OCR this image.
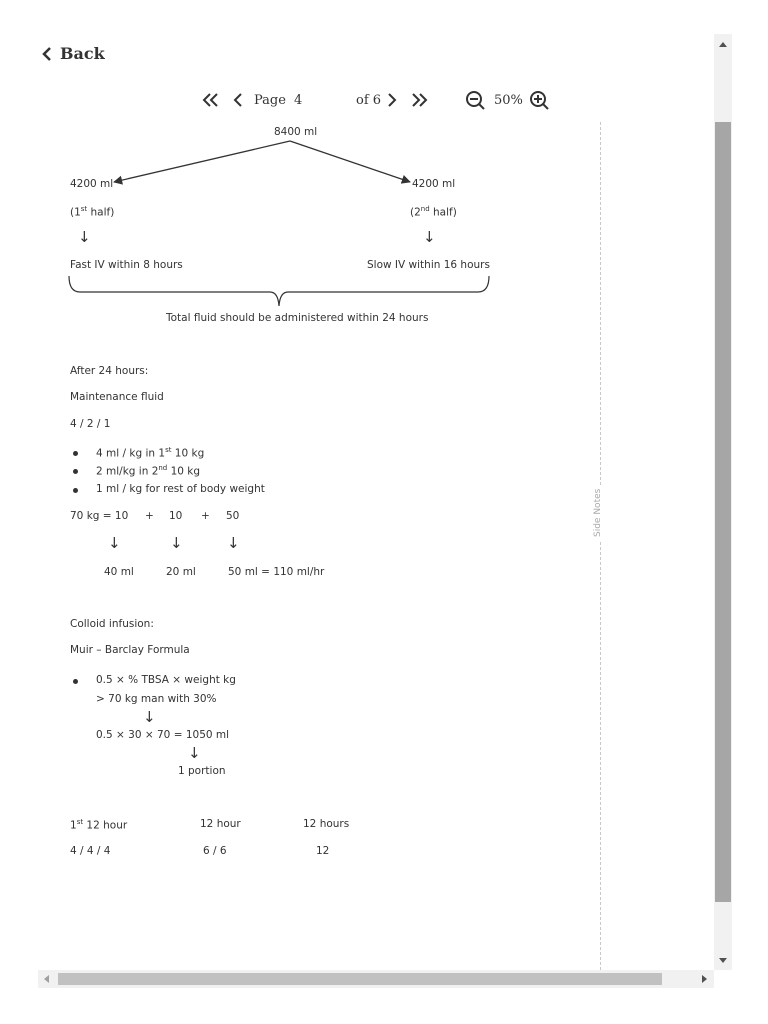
Back
Page 4	of 6	50%
8400 ml
4200 ml
(1st half)
4200 ml
(2nd half)
↓	↓
Fast IV within 8 hours	Slow IV within 16 hours
Total fluid should be administered within 24 hours
After 24 hours:
Maintenance fluid
4 / 2 / 1
4 ml / kg in 1st 10 kg
2 ml/kg in 2nd 10 kg
1 ml / kg for rest of body weight
70 kg = 10 + 10 + 50
↓	↓	↓
40 ml	20 ml	50 ml = 110 ml/hr
Colloid infusion:
Muir – Barclay Formula
0.5 × % TBSA × weight kg
> 70 kg man with 30%
↓
0.5 × 30 × 70 = 1050 ml
↓
1 portion
1st 12 hour	12 hour	12 hours
4 / 4 / 4	6 / 6	12
Side Notes
